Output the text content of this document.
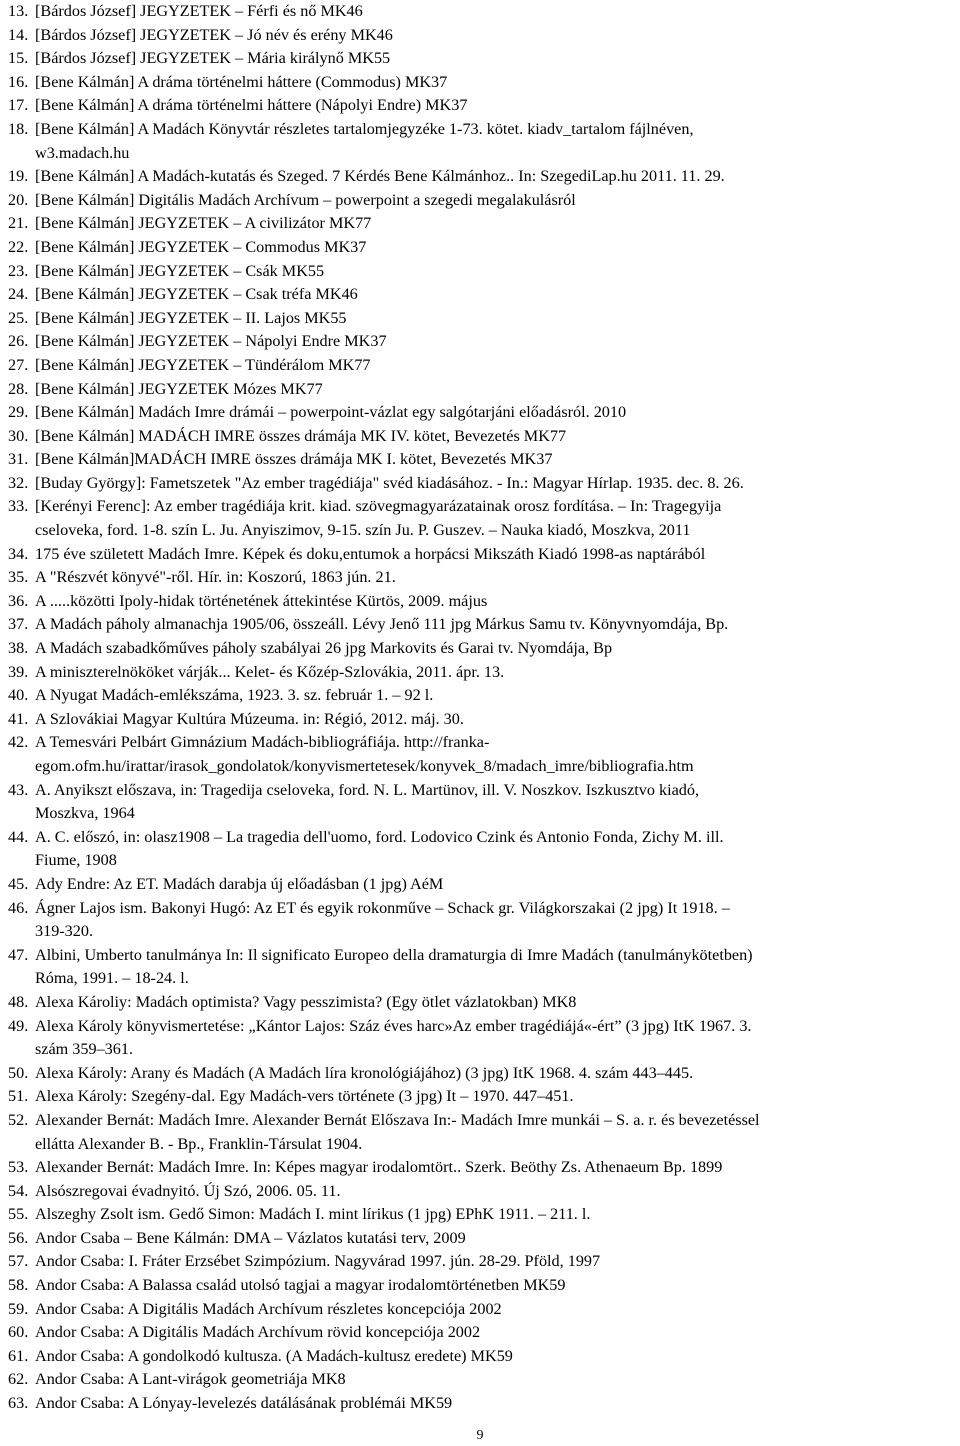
13. [Bárdos József] JEGYZETEK – Férfi és nő MK46
14. [Bárdos József] JEGYZETEK – Jó név és erény MK46
15. [Bárdos József] JEGYZETEK – Mária királynő MK55
16. [Bene Kálmán] A dráma történelmi háttere (Commodus) MK37
17. [Bene Kálmán] A dráma történelmi háttere (Nápolyi Endre) MK37
18. [Bene Kálmán] A Madách Könyvtár részletes tartalomjegyzéke 1-73. kötet. kiadv_tartalom fájlnéven,
w3.madach.hu
19. [Bene Kálmán] A Madách-kutatás és Szeged. 7 Kérdés Bene Kálmánhoz.. In: SzegediLap.hu 2011. 11. 29.
20. [Bene Kálmán] Digitális Madách Archívum – powerpoint a szegedi megalakulásról
21. [Bene Kálmán] JEGYZETEK – A civilizátor MK77
22. [Bene Kálmán] JEGYZETEK – Commodus MK37
23. [Bene Kálmán] JEGYZETEK – Csák MK55
24. [Bene Kálmán] JEGYZETEK – Csak tréfa MK46
25. [Bene Kálmán] JEGYZETEK – II. Lajos MK55
26. [Bene Kálmán] JEGYZETEK – Nápolyi Endre MK37
27. [Bene Kálmán] JEGYZETEK – Tündérálom MK77
28. [Bene Kálmán] JEGYZETEK Mózes MK77
29. [Bene Kálmán] Madách Imre drámái – powerpoint-vázlat egy salgótarjáni előadásról. 2010
30. [Bene Kálmán] MADÁCH IMRE összes drámája MK IV. kötet, Bevezetés MK77
31. [Bene Kálmán]MADÁCH IMRE összes drámája MK I. kötet, Bevezetés MK37
32. [Buday György]: Fametszetek "Az ember tragédiája" svéd kiadásához. - In.: Magyar Hírlap. 1935. dec. 8. 26.
33. [Kerényi Ferenc]: Az ember tragédiája krit. kiad. szövegmagyarázatainak orosz fordítása. – In: Tragegyija
cseloveka, ford. 1-8. szín L. Ju. Anyiszimov, 9-15. szín Ju. P. Guszev. – Nauka kiadó, Moszkva, 2011
34. 175 éve született Madách Imre. Képek és doku,entumok a horpácsi Mikszáth Kiadó 1998-as naptárából
35. A "Részvét könyvé"-ről. Hír. in: Koszorú, 1863 jún. 21.
36. A .....közötti Ipoly-hidak történetének áttekintése Kürtös, 2009. május
37. A Madách páholy almanachja 1905/06, összeáll. Lévy Jenő 111 jpg Márkus Samu tv. Könyvnyomdája, Bp.
38. A Madách szabadkőműves páholy szabályai 26 jpg Markovits és Garai tv. Nyomdája, Bp
39. A miniszterelnököket várják... Kelet- és Kőzép-Szlovákia, 2011. ápr. 13.
40. A Nyugat Madách-emlékszáma, 1923. 3. sz. február 1. – 92 l.
41. A Szlovákiai Magyar Kultúra Múzeuma. in: Régió, 2012. máj. 30.
42. A Temesvári Pelbárt Gimnázium Madách-bibliográfiája. http://franka-
egom.ofm.hu/irattar/irasok_gondolatok/konyvismertetesek/konyvek_8/madach_imre/bibliografia.htm
43. A. Anyikszt előszava, in: Tragedija cseloveka, ford. N. L. Martünov, ill. V. Noszkov. Iszkusztvo kiadó,
Moszkva, 1964
44. A. C. előszó, in: olasz1908 – La tragedia dell'uomo, ford. Lodovico Czink és Antonio Fonda, Zichy M. ill.
Fiume, 1908
45. Ady Endre: Az ET. Madách darabja új előadásban (1 jpg) AéM
46. Ágner Lajos ism. Bakonyi Hugó: Az ET és egyik rokonműve – Schack gr. Világkorszakai (2 jpg) It 1918. –
319-320.
47. Albini, Umberto tanulmánya In: Il significato Europeo della dramaturgia di Imre Madách (tanulmánykötetben)
Róma, 1991. – 18-24. l.
48. Alexa Károliy: Madách optimista? Vagy pesszimista? (Egy ötlet vázlatokban) MK8
49. Alexa Károly könyvismertetése: „Kántor Lajos: Száz éves harc»Az ember tragédiájá«-ért” (3 jpg) ItK 1967. 3.
szám 359–361.
50. Alexa Károly: Arany és Madách (A Madách líra kronológiájához) (3 jpg) ItK 1968. 4. szám 443–445.
51. Alexa Károly: Szegény-dal. Egy Madách-vers története (3 jpg) It – 1970. 447–451.
52. Alexander Bernát: Madách Imre. Alexander Bernát Előszava In:- Madách Imre munkái – S. a. r. és bevezetéssel
ellátta Alexander B. - Bp., Franklin-Társulat 1904.
53. Alexander Bernát: Madách Imre. In: Képes magyar irodalomtört.. Szerk. Beöthy Zs. Athenaeum Bp. 1899
54. Alsószregovai évadnyitó. Új Szó, 2006. 05. 11.
55. Alszeghy Zsolt ism. Gedő Simon: Madách I. mint lírikus (1 jpg) EPhK 1911. – 211. l.
56. Andor Csaba – Bene Kálmán: DMA – Vázlatos kutatási terv, 2009
57. Andor Csaba: I. Fráter Erzsébet Szimpózium. Nagyvárad 1997. jún. 28-29. Pföld, 1997
58. Andor Csaba: A Balassa család utolsó tagjai a magyar irodalomtörténetben MK59
59. Andor Csaba: A Digitális Madách Archívum részletes koncepciója 2002
60. Andor Csaba: A Digitális Madách Archívum rövid koncepciója 2002
61. Andor Csaba: A gondolkodó kultusza. (A Madách-kultusz eredete) MK59
62. Andor Csaba: A Lant-virágok geometriája MK8
63. Andor Csaba: A Lónyay-levelezés datálásának problémái MK59
9
